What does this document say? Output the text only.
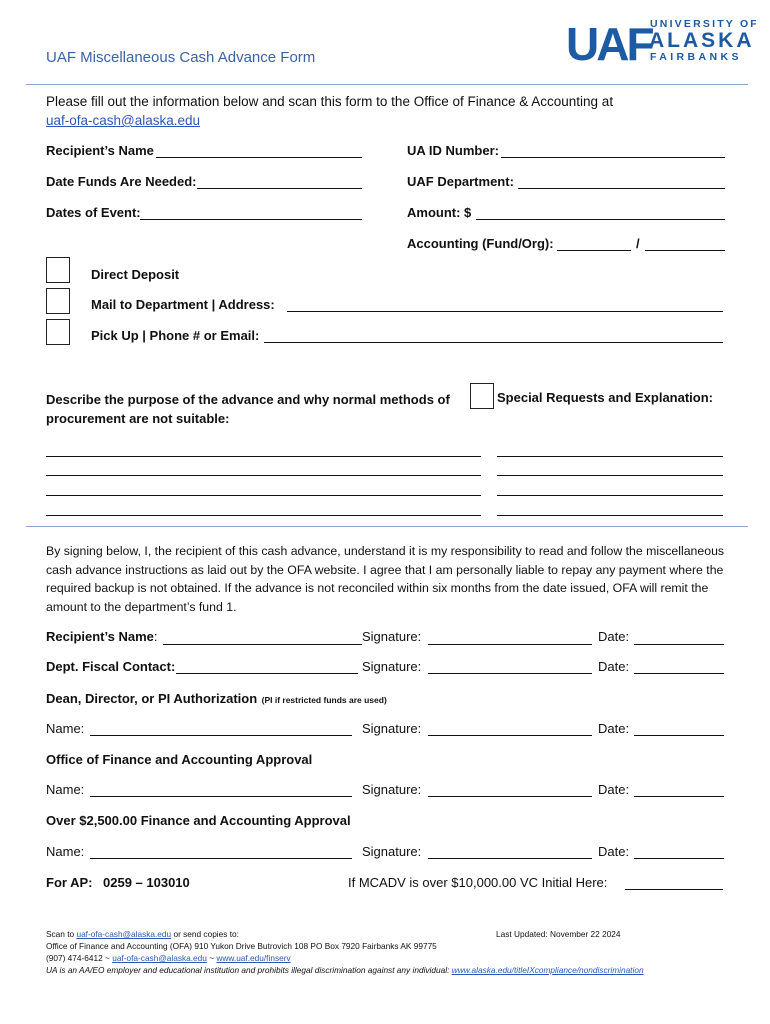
UAF
UNIVERSITY OF
ALASKA
FAIRBANKS
UAF Miscellaneous Cash Advance Form
Please fill out the information below and scan this form to the Office of Finance & Accounting at
uaf-ofa-cash@alaska.edu
Recipient’s Name	UA ID Number:
Date Funds Are Needed:	UAF Department:
Dates of Event:	Amount: $
Accounting (Fund/Org):	/
Direct Deposit
Mail to Department | Address:
Pick Up | Phone # or Email:
Describe the purpose of the advance and why normal methods of procurement are not suitable:
Special Requests and Explanation:
By signing below, I, the recipient of this cash advance, understand it is my responsibility to read and follow the miscellaneous cash advance instructions as laid out by the OFA website. I agree that I am personally liable to repay any payment where the required backup is not obtained. If the advance is not reconciled within six months from the date issued, OFA will remit the amount to the department’s fund 1.
Recipient’s Name:	Signature:	Date:
Dept. Fiscal Contact:	Signature:	Date:
Dean, Director, or PI Authorization (PI if restricted funds are used)
Name:	Signature:	Date:
Office of Finance and Accounting Approval
Name:	Signature:	Date:
Over $2,500.00 Finance and Accounting Approval
Name:	Signature:	Date:
For AP: 0259 – 103010	If MCADV is over $10,000.00 VC Initial Here:
Scan to uaf-ofa-cash@alaska.edu or send copies to:	Last Updated: November 22 2024
Office of Finance and Accounting (OFA) 910 Yukon Drive Butrovich 108 PO Box 7920 Fairbanks AK 99775
(907) 474-6412 ~ uaf-ofa-cash@alaska.edu ~ www.uaf.edu/finserv
UA is an AA/EO employer and educational institution and prohibits illegal discrimination against any individual: www.alaska.edu/titleIXcompliance/nondiscrimination
